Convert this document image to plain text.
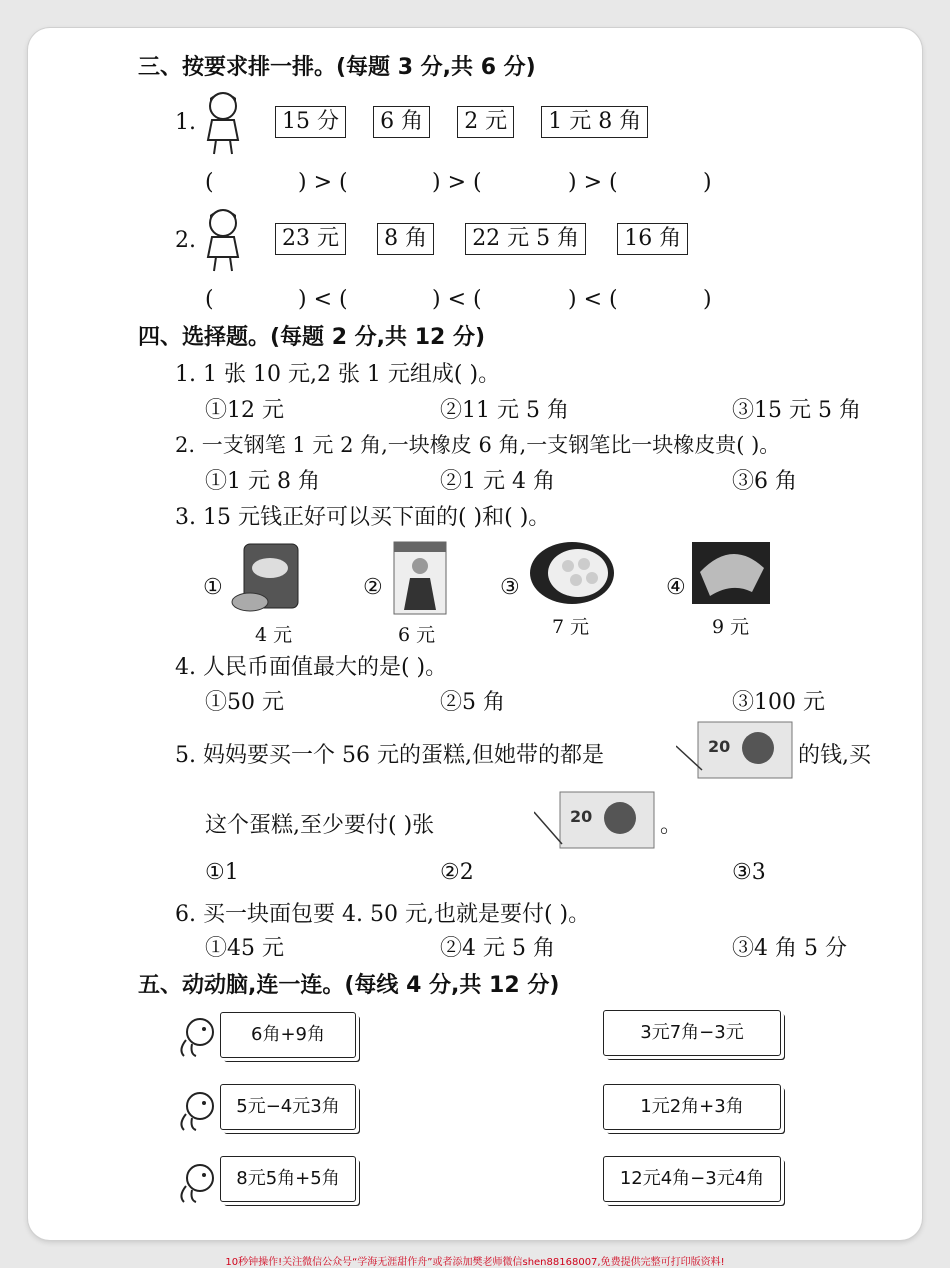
三、按要求排一排。(每题 3 分,共 6 分)
1.	15 分 6 角 2 元 1 元 8 角
(	) > (	) > (	) > (	)
2.	23 元 8 角 22 元 5 角 16 角
(	) < (	) < (	) < (	)
四、选择题。(每题 2 分,共 12 分)
1. 1 张 10 元,2 张 1 元组成( )。
①12 元	②11 元 5 角	③15 元 5 角
2. 一支钢笔 1 元 2 角,一块橡皮 6 角,一支钢笔比一块橡皮贵( )。
①1 元 8 角	②1 元 4 角	③6 角
3. 15 元钱正好可以买下面的( )和( )。
①
4 元
②
6 元
③
7 元
④
9 元
4. 人民币面值最大的是( )。
①50 元	②5 角	③100 元
5. 妈妈要买一个 56 元的蛋糕,但她带的都是	20	的钱,买
这个蛋糕,至少要付( )张	20	。
①1	②2	③3
6. 买一块面包要 4. 50 元,也就是要付( )。
①45 元	②4 元 5 角	③4 角 5 分
五、动动脑,连一连。(每线 4 分,共 12 分)
6角+9角
5元−4元3角
8元5角+5角
3元7角−3元
1元2角+3角
12元4角−3元4角
10秒钟操作!关注微信公众号“学海无涯甜作舟”或者添加樊老师微信shen88168007,免费提供完整可打印版资料!
